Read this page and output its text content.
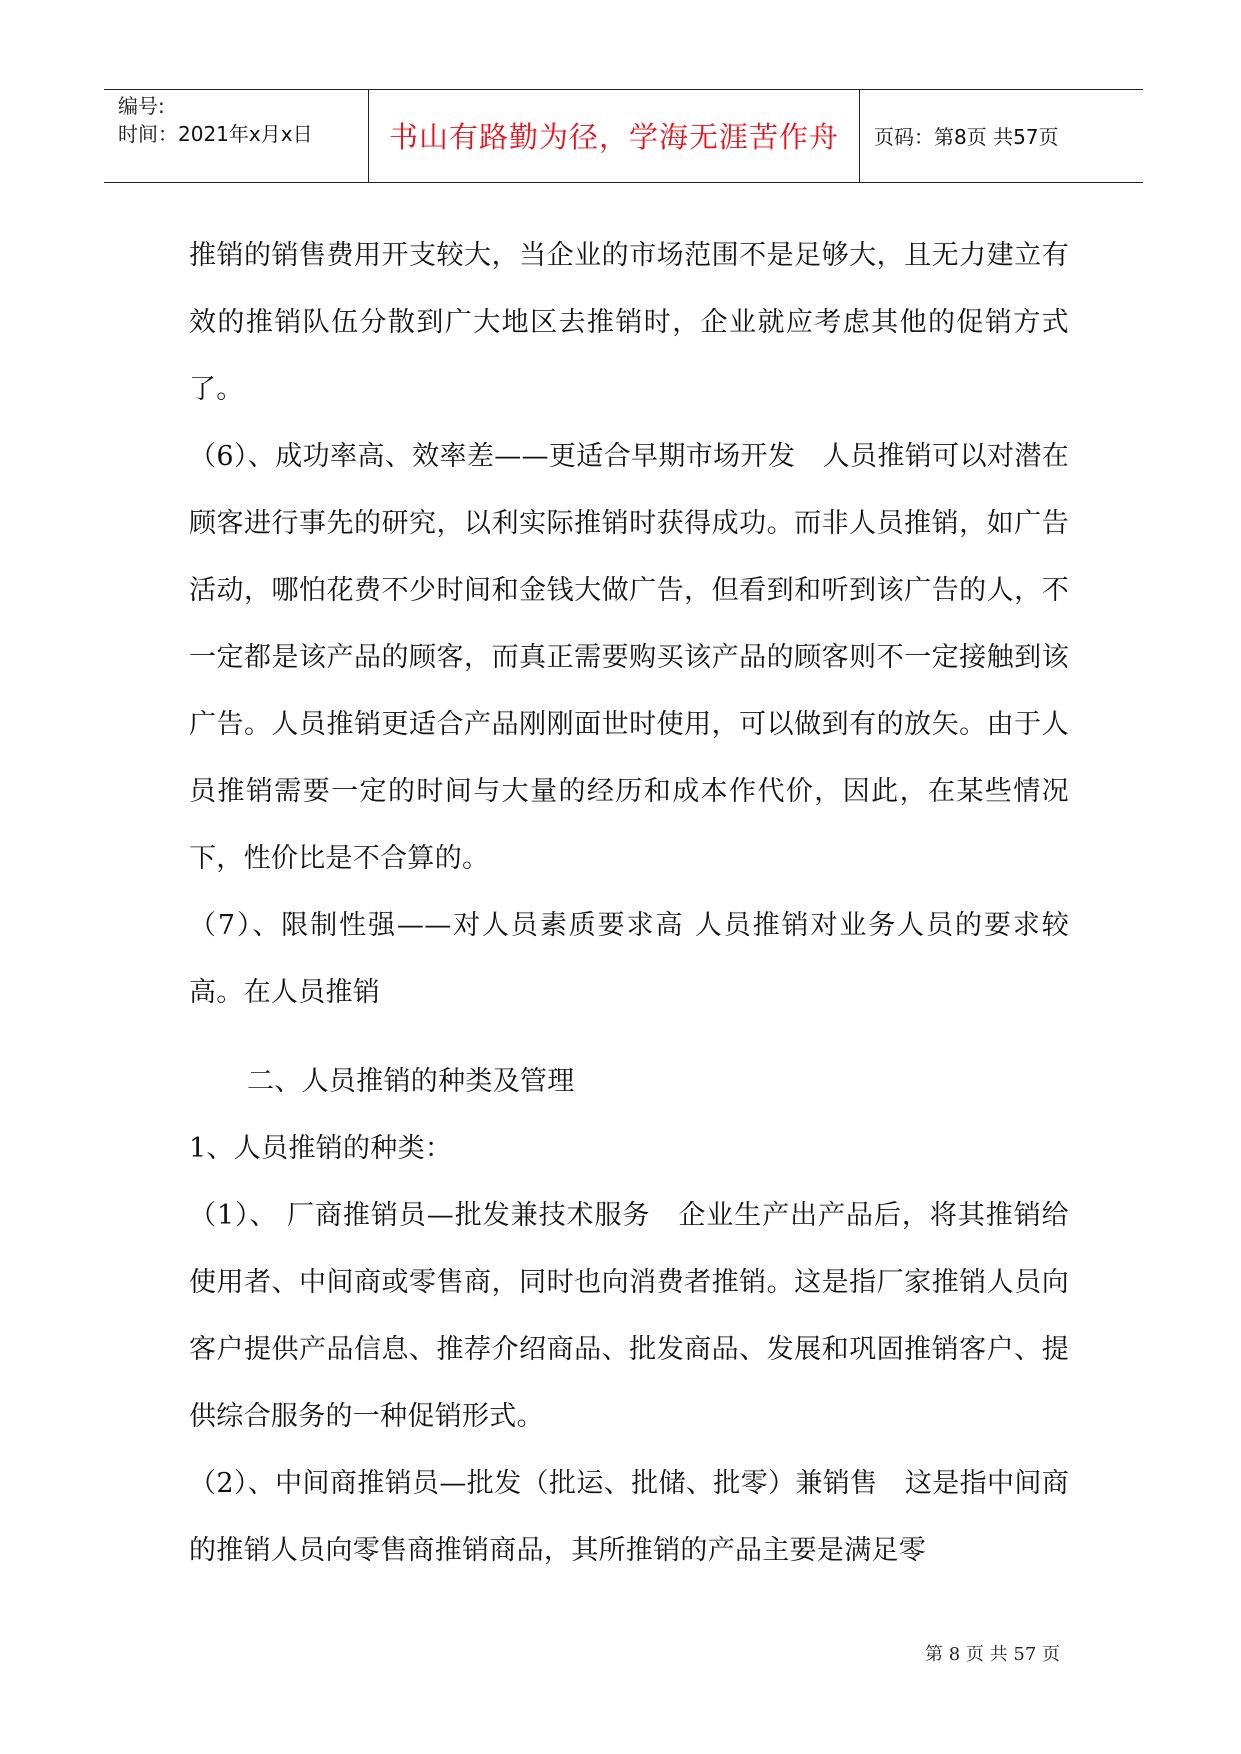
编号:
时间：2021年x月x日	书山有路勤为径，学海无涯苦作舟	页码：第8页 共57页

推销的销售费用开支较大，当企业的市场范围不是足够大，且无力建立有效的推销队伍分散到广大地区去推销时，企业就应考虑其他的促销方式了。

（6）、成功率高、效率差——更适合早期市场开发　人员推销可以对潜在顾客进行事先的研究，以利实际推销时获得成功。而非人员推销，如广告活动，哪怕花费不少时间和金钱大做广告，但看到和听到该广告的人，不一定都是该产品的顾客，而真正需要购买该产品的顾客则不一定接触到该广告。人员推销更适合产品刚刚面世时使用，可以做到有的放矢。由于人员推销需要一定的时间与大量的经历和成本作代价，因此，在某些情况下，性价比是不合算的。

（7）、限制性强——对人员素质要求高 人员推销对业务人员的要求较高。在人员推销

二、人员推销的种类及管理

1、人员推销的种类：

（1）、 厂商推销员—批发兼技术服务　企业生产出产品后，将其推销给使用者、中间商或零售商，同时也向消费者推销。这是指厂家推销人员向客户提供产品信息、推荐介绍商品、批发商品、发展和巩固推销客户、提供综合服务的一种促销形式。

（2）、中间商推销员—批发（批运、批储、批零）兼销售　这是指中间商的推销人员向零售商推销商品，其所推销的产品主要是满足零

第 8 页 共 57 页
